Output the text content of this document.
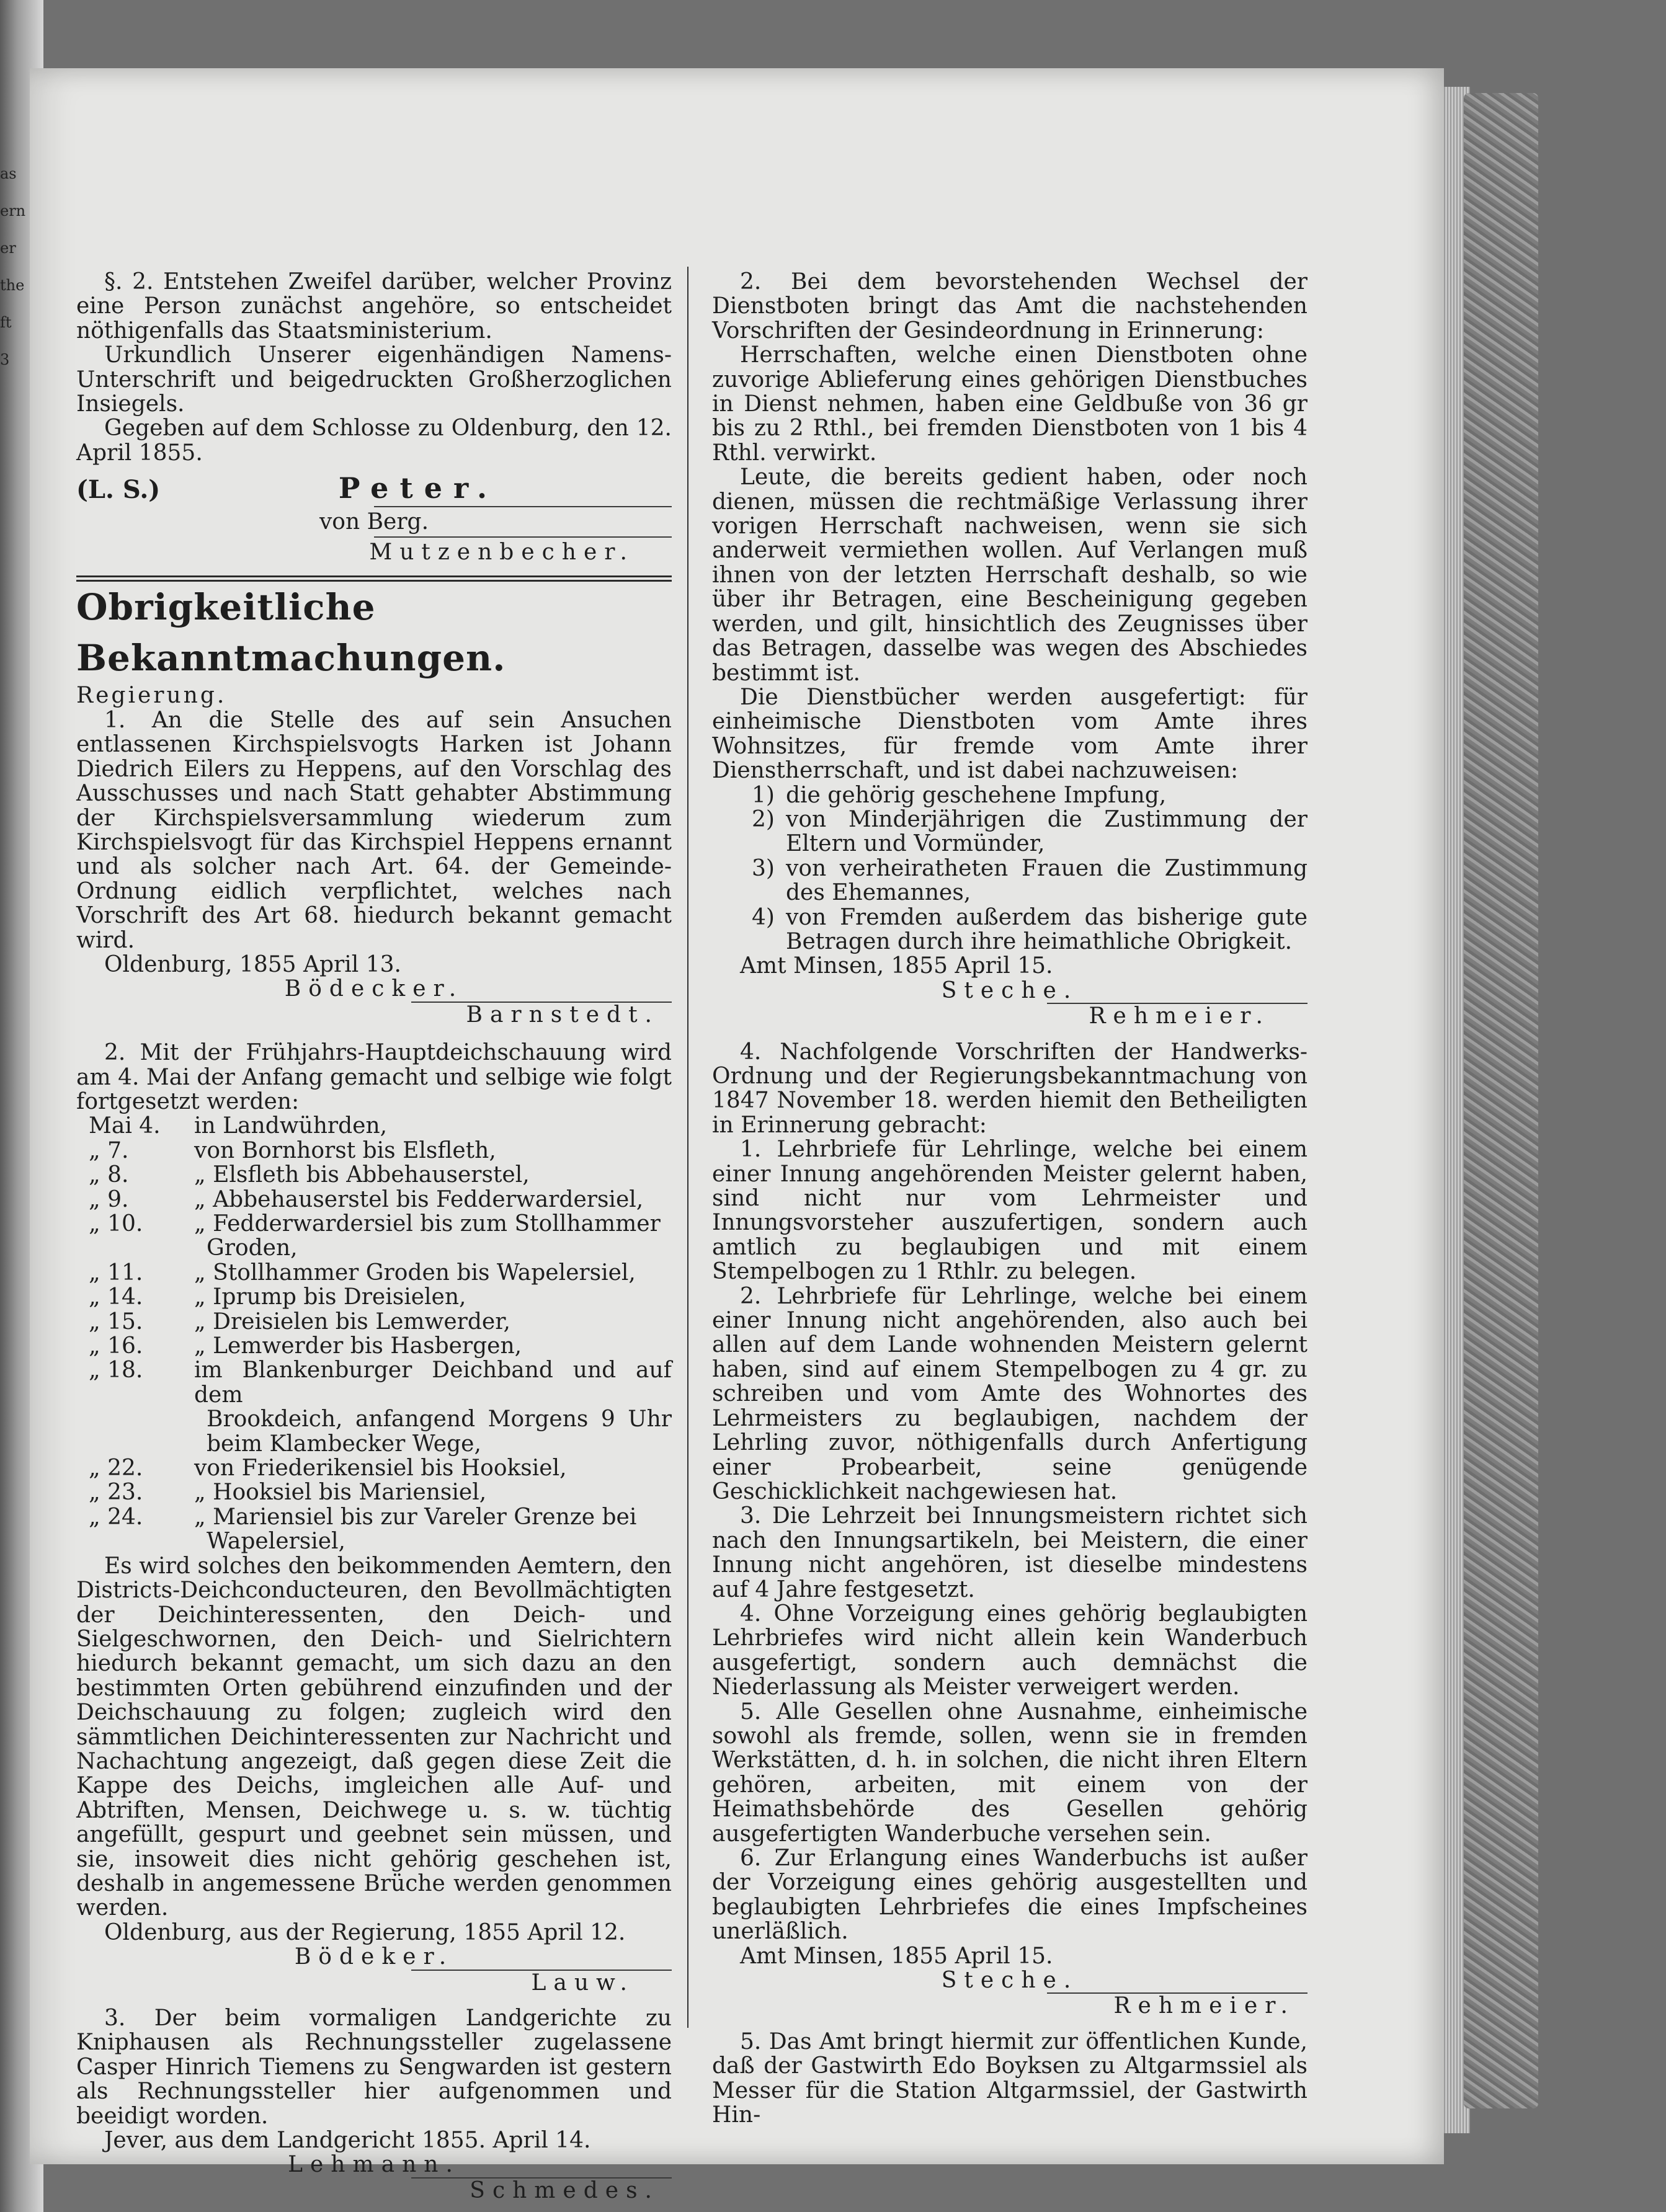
as
ern
er
the
ft
3

§. 2. Entstehen Zweifel darüber, welcher Provinz eine Person zunächst angehöre, so entscheidet nöthigenfalls das Staatsministerium.

Urkundlich Unserer eigenhändigen Namens-Unterschrift und beigedruckten Großherzoglichen Insiegels.

Gegeben auf dem Schlosse zu Oldenburg, den 12. April 1855.

(L. S.)	Peter.

von Berg.

Mutzenbecher.

Obrigkeitliche Bekanntmachungen.

Regierung.

1. An die Stelle des auf sein Ansuchen entlassenen Kirchspielsvogts Harken ist Johann Diedrich Eilers zu Heppens, auf den Vorschlag des Ausschusses und nach Statt gehabter Abstimmung der Kirchspielsversammlung wiederum zum Kirchspielsvogt für das Kirchspiel Heppens ernannt und als solcher nach Art. 64. der Gemeinde-Ordnung eidlich verpflichtet, welches nach Vorschrift des Art 68. hiedurch bekannt gemacht wird.

Oldenburg, 1855 April 13.

Bödecker.

Barnstedt.

2. Mit der Frühjahrs-Hauptdeichschauung wird am 4. Mai der Anfang gemacht und selbige wie folgt fortgesetzt werden:

Mai 4.	in Landwührden,
„ 7.	von Bornhorst bis Elsfleth,
„ 8.	„ Elsfleth bis Abbehauserstel,
„ 9.	„ Abbehauserstel bis Fedderwardersiel,
„ 10.	„ Fedderwardersiel bis zum Stollhammer
Groden,
„ 11.	„ Stollhammer Groden bis Wapelersiel,
„ 14.	„ Iprump bis Dreisielen,
„ 15.	„ Dreisielen bis Lemwerder,
„ 16.	„ Lemwerder bis Hasbergen,
„ 18.	im Blankenburger Deichband und auf dem
Brookdeich, anfangend Morgens 9 Uhr beim Klambecker Wege,
„ 22.	von Friederikensiel bis Hooksiel,
„ 23.	„ Hooksiel bis Mariensiel,
„ 24.	„ Mariensiel bis zur Vareler Grenze bei
Wapelersiel,

Es wird solches den beikommenden Aemtern, den Districts-Deichconducteuren, den Bevollmächtigten der Deichinteressenten, den Deich- und Sielgeschwornen, den Deich- und Sielrichtern hiedurch bekannt gemacht, um sich dazu an den bestimmten Orten gebührend einzufinden und der Deichschauung zu folgen; zugleich wird den sämmtlichen Deichinteressenten zur Nachricht und Nachachtung angezeigt, daß gegen diese Zeit die Kappe des Deichs, imgleichen alle Auf- und Abtriften, Mensen, Deichwege u. s. w. tüchtig angefüllt, gespurt und geebnet sein müssen, und sie, insoweit dies nicht gehörig geschehen ist, deshalb in angemessene Brüche werden genommen werden.

Oldenburg, aus der Regierung, 1855 April 12.

Bödeker.

Lauw.

3. Der beim vormaligen Landgerichte zu Kniphausen als Rechnungssteller zugelassene Casper Hinrich Tiemens zu Sengwarden ist gestern als Rechnungssteller hier aufgenommen und beeidigt worden.

Jever, aus dem Landgericht 1855. April 14.

Lehmann.

Schmedes.

2. Bei dem bevorstehenden Wechsel der Dienstboten bringt das Amt die nachstehenden Vorschriften der Gesindeordnung in Erinnerung:

Herrschaften, welche einen Dienstboten ohne zuvorige Ablieferung eines gehörigen Dienstbuches in Dienst nehmen, haben eine Geldbuße von 36 gr bis zu 2 Rthl., bei fremden Dienstboten von 1 bis 4 Rthl. verwirkt.

Leute, die bereits gedient haben, oder noch dienen, müssen die rechtmäßige Verlassung ihrer vorigen Herrschaft nachweisen, wenn sie sich anderweit vermiethen wollen. Auf Verlangen muß ihnen von der letzten Herrschaft deshalb, so wie über ihr Betragen, eine Bescheinigung gegeben werden, und gilt, hinsichtlich des Zeugnisses über das Betragen, dasselbe was wegen des Abschiedes bestimmt ist.

Die Dienstbücher werden ausgefertigt: für einheimische Dienstboten vom Amte ihres Wohnsitzes, für fremde vom Amte ihrer Dienstherrschaft, und ist dabei nachzuweisen:

1) die gehörig geschehene Impfung,
2) von Minderjährigen die Zustimmung der Eltern und Vormünder,
3) von verheiratheten Frauen die Zustimmung des Ehemannes,
4) von Fremden außerdem das bisherige gute Betragen durch ihre heimathliche Obrigkeit.

Amt Minsen, 1855 April 15.

Steche.

Rehmeier.

4. Nachfolgende Vorschriften der Handwerks-Ordnung und der Regierungsbekanntmachung von 1847 November 18. werden hiemit den Betheiligten in Erinnerung gebracht:

1. Lehrbriefe für Lehrlinge, welche bei einem einer Innung angehörenden Meister gelernt haben, sind nicht nur vom Lehrmeister und Innungsvorsteher auszufertigen, sondern auch amtlich zu beglaubigen und mit einem Stempelbogen zu 1 Rthlr. zu belegen.

2. Lehrbriefe für Lehrlinge, welche bei einem einer Innung nicht angehörenden, also auch bei allen auf dem Lande wohnenden Meistern gelernt haben, sind auf einem Stempelbogen zu 4 gr. zu schreiben und vom Amte des Wohnortes des Lehrmeisters zu beglaubigen, nachdem der Lehrling zuvor, nöthigenfalls durch Anfertigung einer Probearbeit, seine genügende Geschicklichkeit nachgewiesen hat.

3. Die Lehrzeit bei Innungsmeistern richtet sich nach den Innungsartikeln, bei Meistern, die einer Innung nicht angehören, ist dieselbe mindestens auf 4 Jahre festgesetzt.

4. Ohne Vorzeigung eines gehörig beglaubigten Lehrbriefes wird nicht allein kein Wanderbuch ausgefertigt, sondern auch demnächst die Niederlassung als Meister verweigert werden.

5. Alle Gesellen ohne Ausnahme, einheimische sowohl als fremde, sollen, wenn sie in fremden Werkstätten, d. h. in solchen, die nicht ihren Eltern gehören, arbeiten, mit einem von der Heimathsbehörde des Gesellen gehörig ausgefertigten Wanderbuche versehen sein.

6. Zur Erlangung eines Wanderbuchs ist außer der Vorzeigung eines gehörig ausgestellten und beglaubigten Lehrbriefes die eines Impfscheines unerläßlich.

Amt Minsen, 1855 April 15.

Steche.

Rehmeier.

5. Das Amt bringt hiermit zur öffentlichen Kunde, daß der Gastwirth Edo Boyksen zu Altgarmssiel als Messer für die Station Altgarmssiel, der Gastwirth Hin-
